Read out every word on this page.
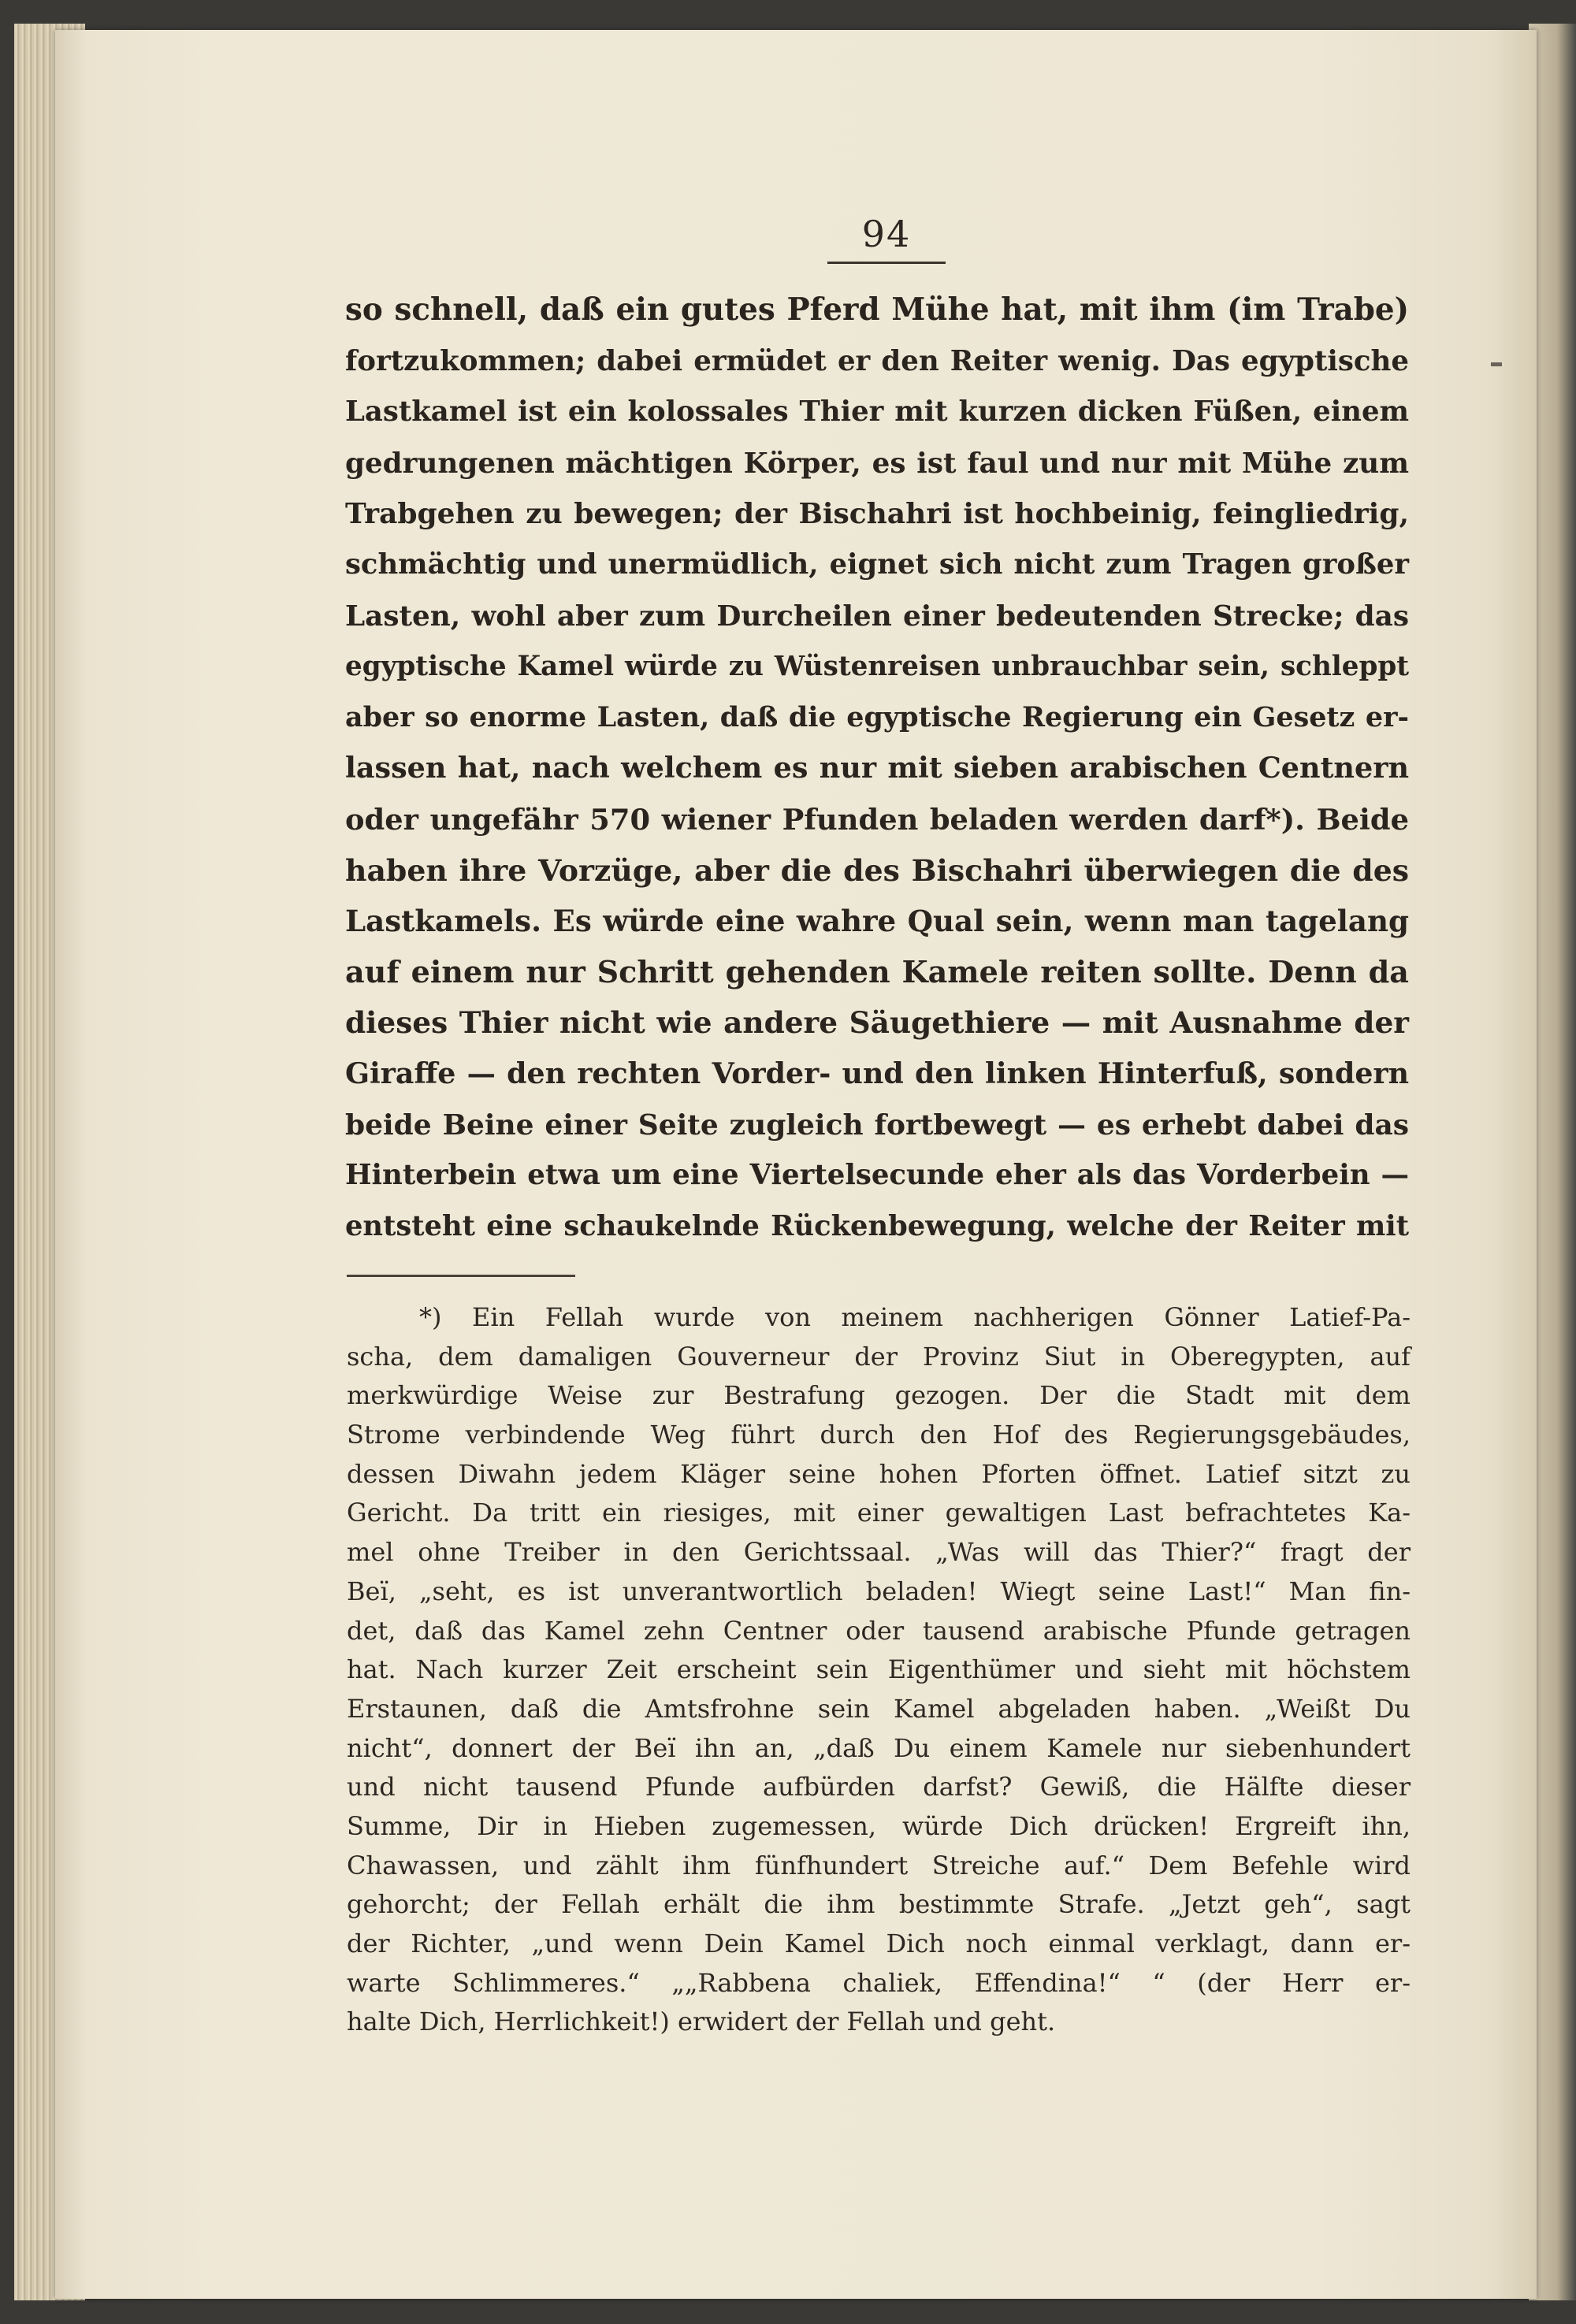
94
so schnell, daß ein gutes Pferd Mühe hat, mit ihm (im Trabe)
fortzukommen; dabei ermüdet er den Reiter wenig. Das egyptische
Lastkamel ist ein kolossales Thier mit kurzen dicken Füßen, einem
gedrungenen mächtigen Körper, es ist faul und nur mit Mühe zum
Trabgehen zu bewegen; der Bischahri ist hochbeinig, feingliedrig,
schmächtig und unermüdlich, eignet sich nicht zum Tragen großer
Lasten, wohl aber zum Durcheilen einer bedeutenden Strecke; das
egyptische Kamel würde zu Wüstenreisen unbrauchbar sein, schleppt
aber so enorme Lasten, daß die egyptische Regierung ein Gesetz er-
lassen hat, nach welchem es nur mit sieben arabischen Centnern
oder ungefähr 570 wiener Pfunden beladen werden darf*). Beide
haben ihre Vorzüge, aber die des Bischahri überwiegen die des
Lastkamels. Es würde eine wahre Qual sein, wenn man tagelang
auf einem nur Schritt gehenden Kamele reiten sollte. Denn da
dieses Thier nicht wie andere Säugethiere — mit Ausnahme der
Giraffe — den rechten Vorder- und den linken Hinterfuß, sondern
beide Beine einer Seite zugleich fortbewegt — es erhebt dabei das
Hinterbein etwa um eine Viertelsecunde eher als das Vorderbein —
entsteht eine schaukelnde Rückenbewegung, welche der Reiter mit
*) Ein Fellah wurde von meinem nachherigen Gönner Latief-Pa-
scha, dem damaligen Gouverneur der Provinz Siut in Oberegypten, auf
merkwürdige Weise zur Bestrafung gezogen. Der die Stadt mit dem
Strome verbindende Weg führt durch den Hof des Regierungsgebäudes,
dessen Diwahn jedem Kläger seine hohen Pforten öffnet. Latief sitzt zu
Gericht. Da tritt ein riesiges, mit einer gewaltigen Last befrachtetes Ka-
mel ohne Treiber in den Gerichtssaal. „Was will das Thier?“ fragt der
Beï, „seht, es ist unverantwortlich beladen! Wiegt seine Last!“ Man fin-
det, daß das Kamel zehn Centner oder tausend arabische Pfunde getragen
hat. Nach kurzer Zeit erscheint sein Eigenthümer und sieht mit höchstem
Erstaunen, daß die Amtsfrohne sein Kamel abgeladen haben. „Weißt Du
nicht“, donnert der Beï ihn an, „daß Du einem Kamele nur siebenhundert
und nicht tausend Pfunde aufbürden darfst? Gewiß, die Hälfte dieser
Summe, Dir in Hieben zugemessen, würde Dich drücken! Ergreift ihn,
Chawassen, und zählt ihm fünfhundert Streiche auf.“ Dem Befehle wird
gehorcht; der Fellah erhält die ihm bestimmte Strafe. „Jetzt geh“, sagt
der Richter, „und wenn Dein Kamel Dich noch einmal verklagt, dann er-
warte Schlimmeres.“ „„Rabbena chaliek, Effendina!“ “ (der Herr er-
halte Dich, Herrlichkeit!) erwidert der Fellah und geht.
